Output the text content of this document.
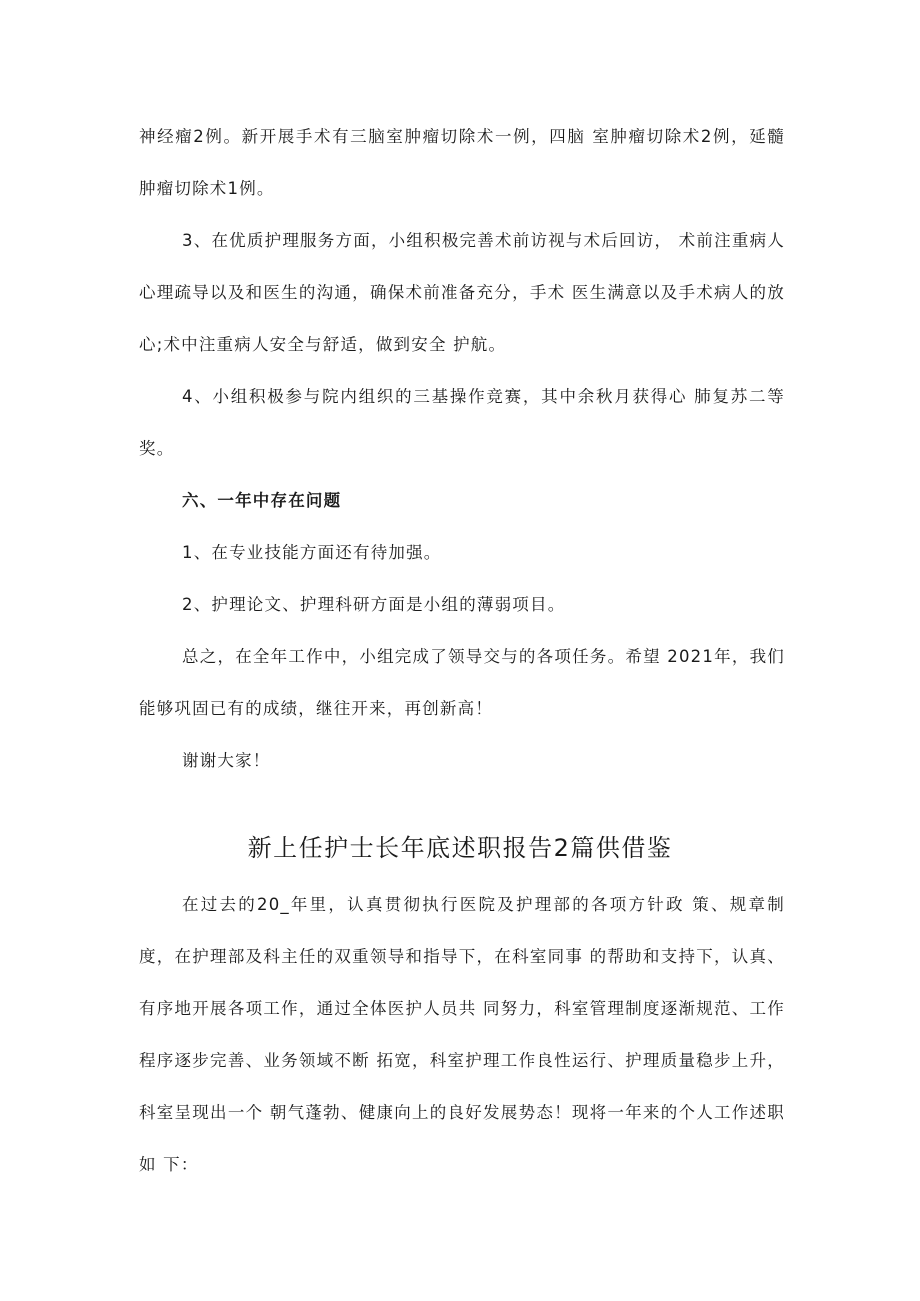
神经瘤2例。新开展手术有三脑室肿瘤切除术一例，四脑 室肿瘤切除术2例，延髓肿瘤切除术1例。

3、在优质护理服务方面，小组积极完善术前访视与术后回访， 术前注重病人心理疏导以及和医生的沟通，确保术前准备充分，手术 医生满意以及手术病人的放心;术中注重病人安全与舒适，做到安全 护航。

4、小组积极参与院内组织的三基操作竞赛，其中余秋月获得心 肺复苏二等奖。

六、一年中存在问题

1、在专业技能方面还有待加强。

2、护理论文、护理科研方面是小组的薄弱项目。

总之，在全年工作中，小组完成了领导交与的各项任务。希望 2021年，我们能够巩固已有的成绩，继往开来，再创新高！

谢谢大家！

新上任护士长年底述职报告2篇供借鉴

在过去的20_年里，认真贯彻执行医院及护理部的各项方针政 策、规章制度，在护理部及科主任的双重领导和指导下，在科室同事 的帮助和支持下，认真、有序地开展各项工作，通过全体医护人员共 同努力，科室管理制度逐渐规范、工作程序逐步完善、业务领域不断 拓宽，科室护理工作良性运行、护理质量稳步上升，科室呈现出一个 朝气蓬勃、健康向上的良好发展势态！现将一年来的个人工作述职如 下：
